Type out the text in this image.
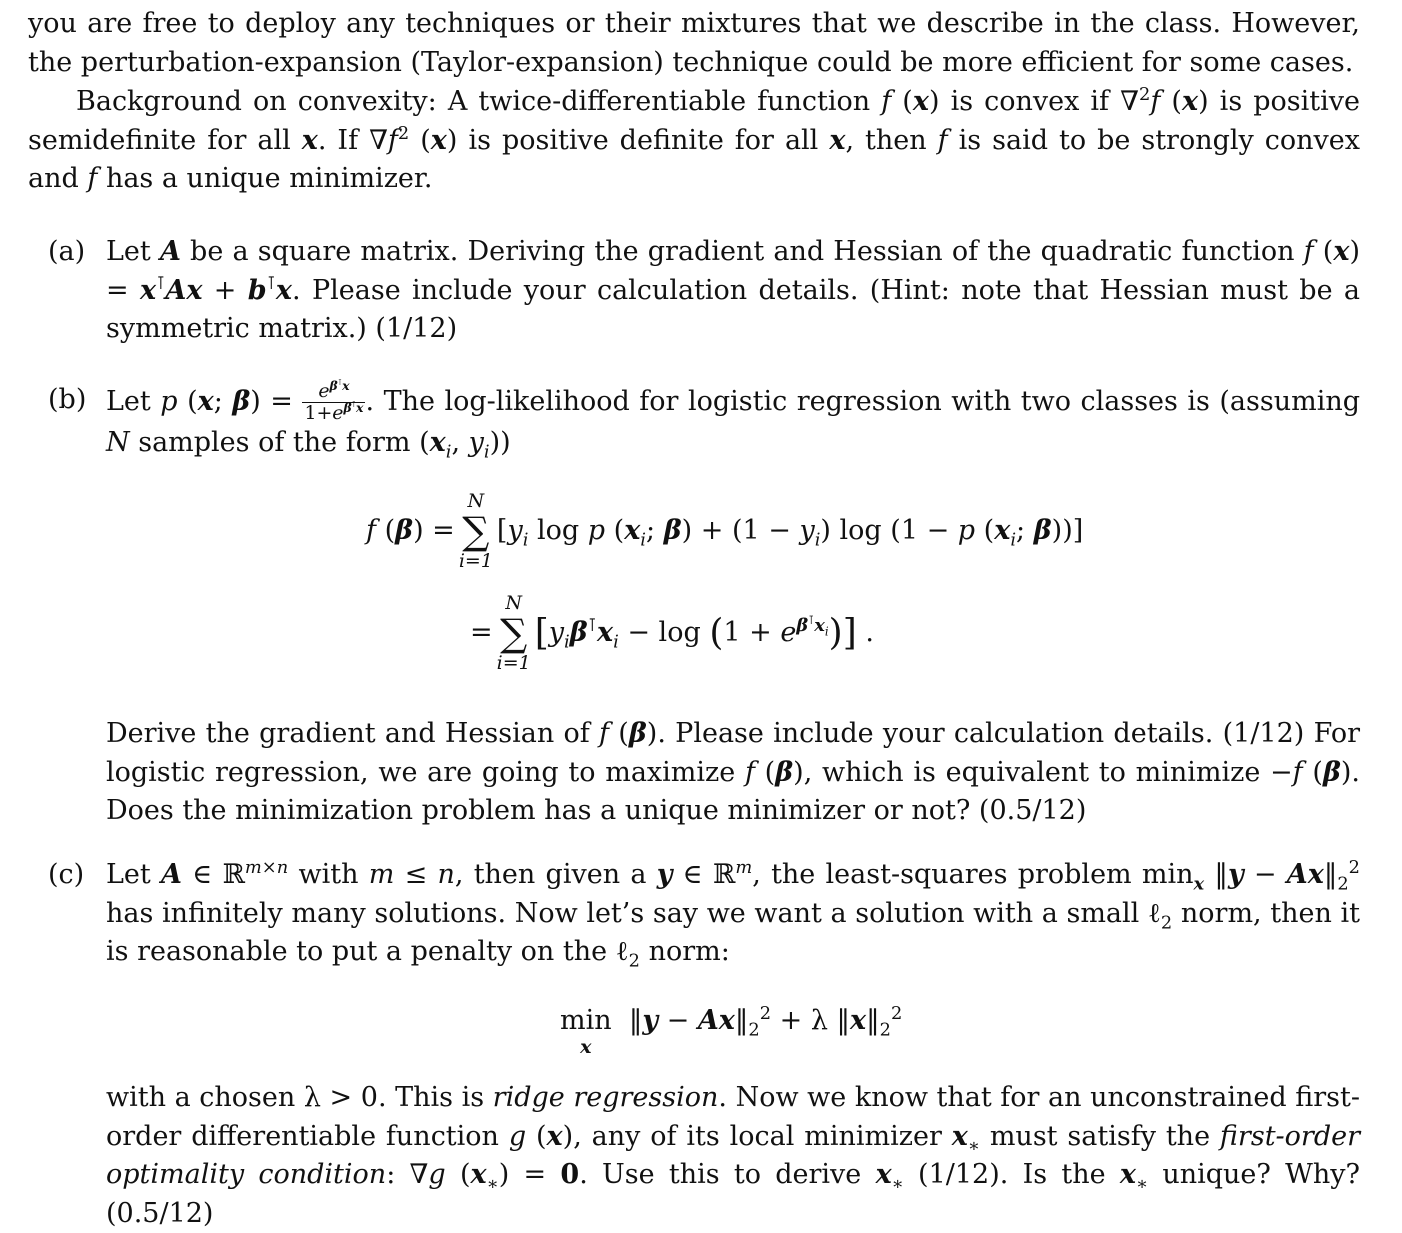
you are free to deploy any techniques or their mixtures that we describe in the class. However, the perturbation-expansion (Taylor-expansion) technique could be more efficient for some cases.

Background on convexity: A twice-differentiable function f (x) is convex if ∇$^2$f (x) is positive semidefinite for all x. If $\nabla f^2$ (x) is positive definite for all x, then f is said to be strongly convex and f has a unique minimizer.

(a) Let A be a square matrix. Deriving the gradient and Hessian of the quadratic function f (x) = x⊺Ax + b⊺x. Please include your calculation details. (Hint: note that Hessian must be a symmetric matrix.) (1/12)

(b) Let p (x; $\beta) = \frac{e^{\beta^⊺x}}{1+e^{\beta^⊺x}}$ . The log-likelihood for logistic regression with two classes is (assuming N samples of the form ($x_i$, $y_i$))

f (β) =
N
∑
i=1
[$y_i$ log p ($x_i$; $\beta) + (1 - y_i)$ log (1 − p ($x_i$; β))]
=
N
∑
i=1
$[y_i\beta^⊺x_i - \log (1 + e^{\beta^⊺x_i})]$ .

Derive the gradient and Hessian of f (β). Please include your calculation details. (1/12) For logistic regression, we are going to maximize f (β), which is equivalent to minimize −f (β). Does the minimization problem has a unique minimizer or not? (0.5/12)

(c) Let A ∈ ℝ$^{m\times n}$ with m ≤ n, then given a y ∈ ℝ$^m$, the least-squares problem $\min_x$ ‖y − $Ax‖_2^2$ has infinitely many solutions. Now let’s say we want a solution with a small ℓ$_2$ norm, then it is reasonable to put a penalty on the ℓ$_2$ norm:

min
x
‖y − $Ax‖_2^2 + \lambda$ $‖x‖_2^2$

with a chosen λ > 0. This is ridge regression. Now we know that for an unconstrained first-order differentiable function g (x), any of its local minimizer $x_∗$ must satisfy the first-order optimality condition: ∇g $(x_∗) = 0$. Use this to derive $x_∗$ (1/12). Is the $x_∗$ unique? Why? (0.5/12)
